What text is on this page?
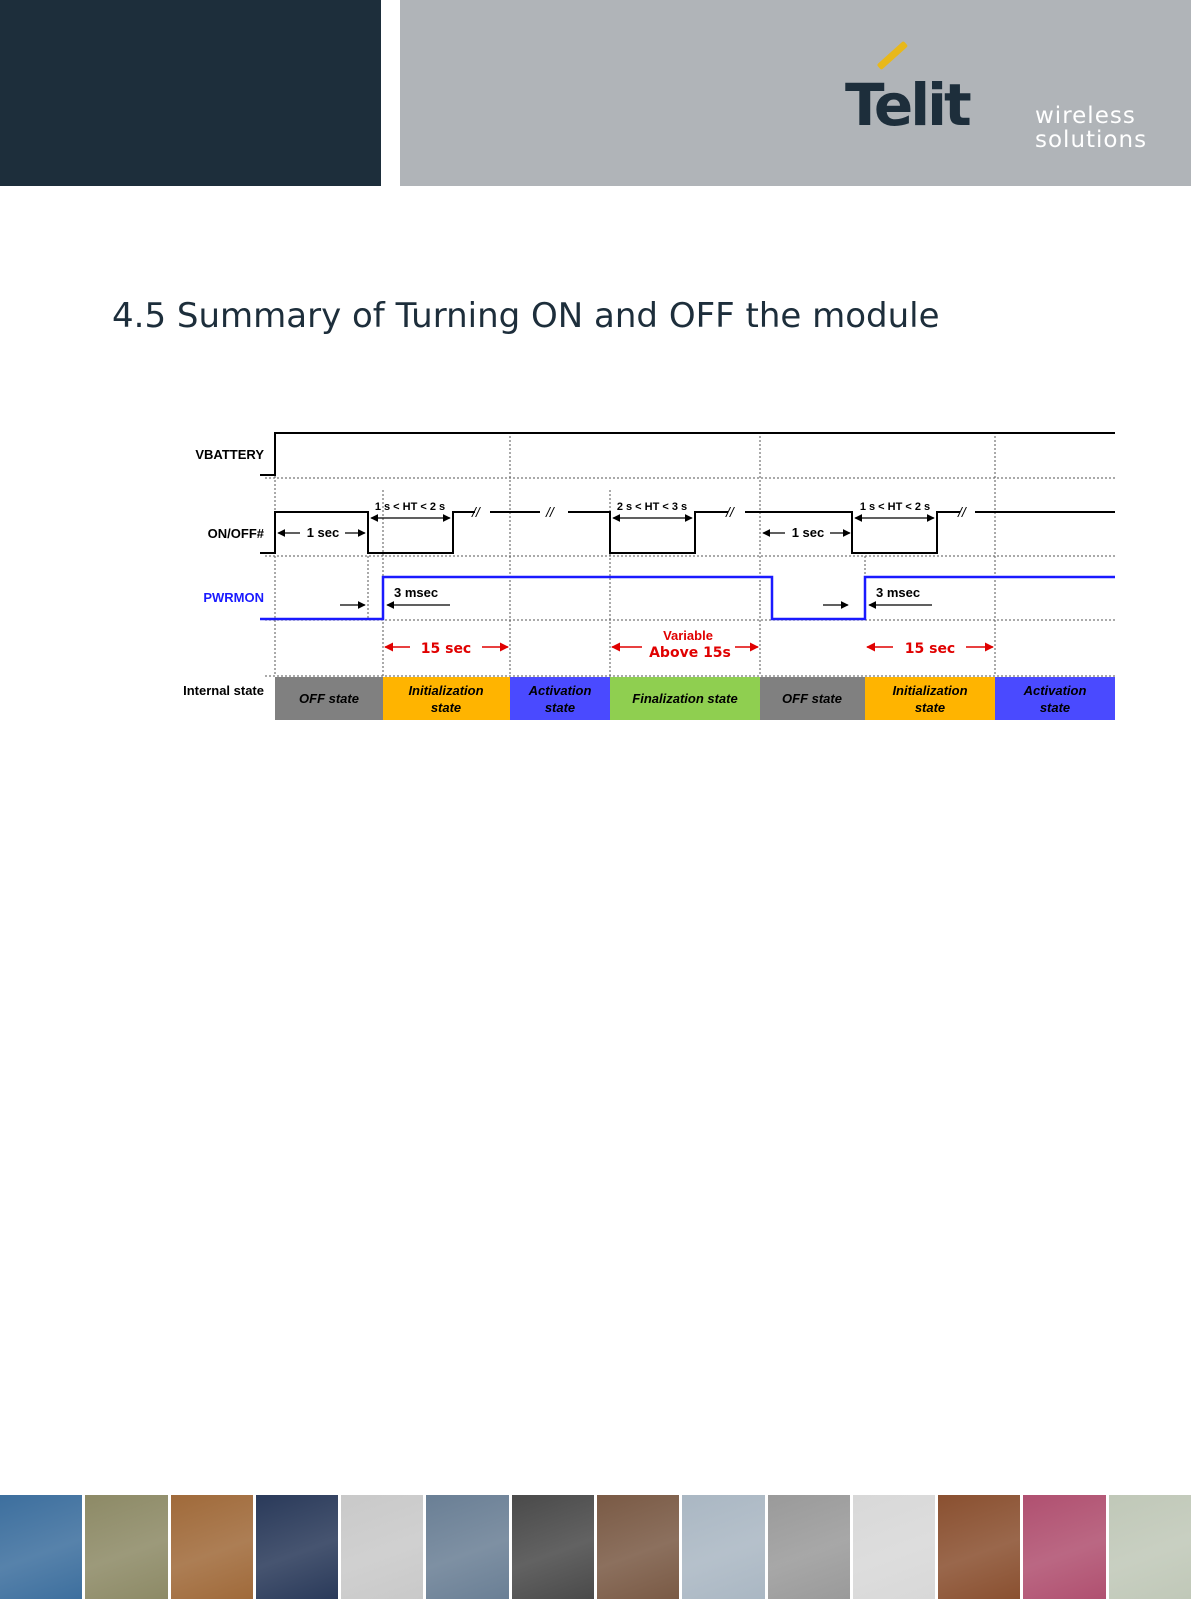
Telit	wireless
solutions
4.5 Summary of Turning ON and OFF the module
VBATTERY
ON/OFF#
PWRMON
Internal state
//	//	//	//
1 sec	1 sec
1 s < HT < 2 s	2 s < HT < 3 s	1 s < HT < 2 s
3 msec	3 msec
15 sec	15 sec
Variable
Above 15s
OFF state
Initialization
state
Activation
state
Finalization state	OFF state
Initialization
state
Activation
state
